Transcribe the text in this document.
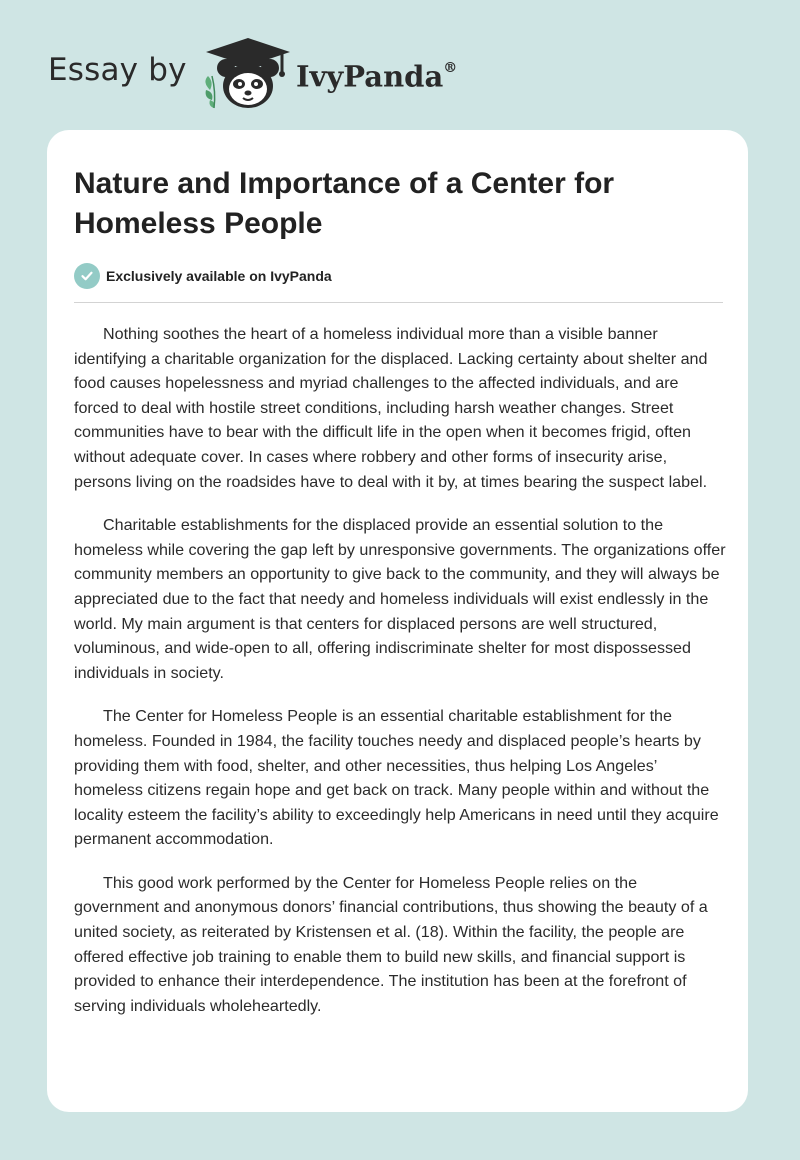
Essay by	IvyPanda®
Nature and Importance of a Center for Homeless People
Exclusively available on IvyPanda

Nothing soothes the heart of a homeless individual more than a visible banner identifying a charitable organization for the displaced. Lacking certainty about shelter and food causes hopelessness and myriad challenges to the affected individuals, and are forced to deal with hostile street conditions, including harsh weather changes. Street communities have to bear with the difficult life in the open when it becomes frigid, often without adequate cover. In cases where robbery and other forms of insecurity arise, persons living on the roadsides have to deal with it by, at times bearing the suspect label.

Charitable establishments for the displaced provide an essential solution to the homeless while covering the gap left by unresponsive governments. The organizations offer community members an opportunity to give back to the community, and they will always be appreciated due to the fact that needy and homeless individuals will exist endlessly in the world. My main argument is that centers for displaced persons are well structured, voluminous, and wide-open to all, offering indiscriminate shelter for most dispossessed individuals in society.

The Center for Homeless People is an essential charitable establishment for the homeless. Founded in 1984, the facility touches needy and displaced people’s hearts by providing them with food, shelter, and other necessities, thus helping Los Angeles’ homeless citizens regain hope and get back on track. Many people within and without the locality esteem the facility’s ability to exceedingly help Americans in need until they acquire permanent accommodation.

This good work performed by the Center for Homeless People relies on the government and anonymous donors’ financial contributions, thus showing the beauty of a united society, as reiterated by Kristensen et al. (18). Within the facility, the people are offered effective job training to enable them to build new skills, and financial support is provided to enhance their interdependence. The institution has been at the forefront of serving individuals wholeheartedly.
